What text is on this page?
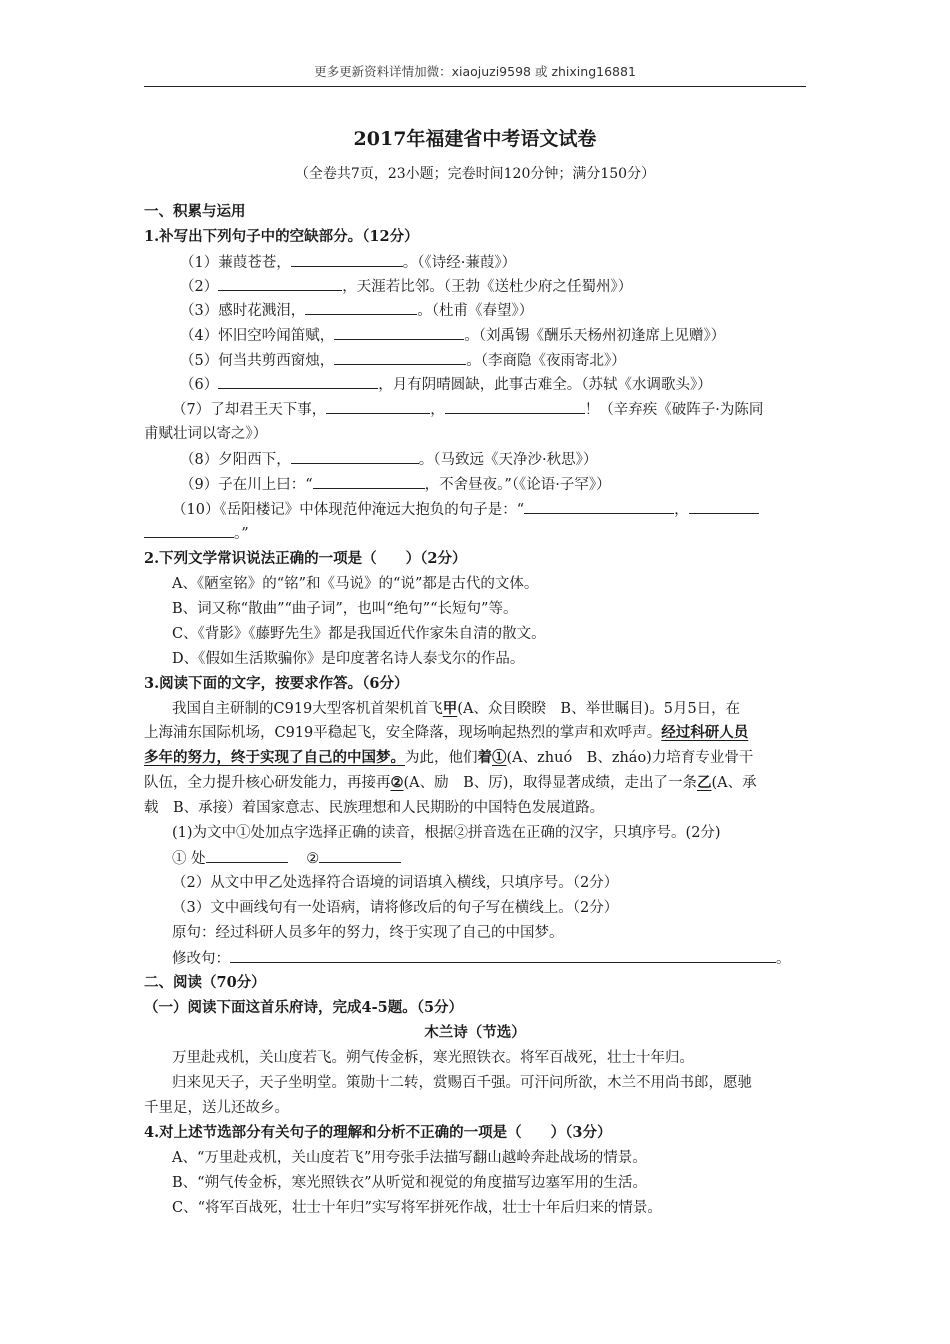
更多更新资料详情加微：xiaojuzi9598 或 zhixing16881
2017年福建省中考语文试卷
（全卷共7页，23小题；完卷时间120分钟；满分150分）
一、积累与运用
1.补写出下列句子中的空缺部分。（12分）
（1）蒹葭苍苍，	。（《诗经·蒹葭》）
（2）	，天涯若比邻。（王勃《送杜少府之任蜀州》）
（3）感时花溅泪，	。（杜甫《春望》）
（4）怀旧空吟闻笛赋，	。（刘禹锡《酬乐天杨州初逢席上见赠》）
（5）何当共剪西窗烛，	。（李商隐《夜雨寄北》）
（6）	，月有阴晴圆缺，此事古难全。（苏轼《水调歌头》）
（7）了却君王天下事，	，	！（辛弃疾《破阵子·为陈同
甫赋壮词以寄之》）
（8）夕阳西下，	。（马致远《天净沙·秋思》）
（9）子在川上曰：“	，不舍昼夜。”（《论语·子罕》）
（10）《岳阳楼记》中体现范仲淹远大抱负的句子是：“	，
。”
2.下列文学常识说法正确的一项是（　　）（2分）
A、《陋室铭》的“铭”和《马说》的“说”都是古代的文体。
B、词又称“散曲”“曲子词”，也叫“绝句”“长短句”等。
C、《背影》《藤野先生》都是我国近代作家朱自清的散文。
D、《假如生活欺骗你》是印度著名诗人泰戈尔的作品。
3.阅读下面的文字，按要求作答。（6分）
我国自主研制的C919大型客机首架机首飞甲(A、众目睽睽　B、举世瞩目)。5月5日，在
上海浦东国际机场，C919平稳起飞，安全降落，现场响起热烈的掌声和欢呼声。经过科研人员
多年的努力，终于实现了自己的中国梦。为此，他们着①(A、zhuó　B、zháo)力培育专业骨干
队伍，全力提升核心研发能力，再接再②(A、励　B、厉)，取得显著成绩，走出了一条乙(A、承
载　B、承接）着国家意志、民族理想和人民期盼的中国特色发展道路。
(1)为文中①处加点字选择正确的读音，根据②拼音选在正确的汉字，只填序号。(2分)
① 处	②
（2）从文中甲乙处选择符合语境的词语填入横线，只填序号。（2分）
（3）文中画线句有一处语病，请将修改后的句子写在横线上。（2分）
原句：经过科研人员多年的努力，终于实现了自己的中国梦。
修改句：	。
二、阅读（70分）
（一）阅读下面这首乐府诗，完成4-5题。（5分）
木兰诗（节选）
万里赴戎机，关山度若飞。朔气传金柝，寒光照铁衣。将军百战死，壮士十年归。
归来见天子，天子坐明堂。策勋十二转，赏赐百千强。可汗问所欲，木兰不用尚书郎，愿驰
千里足，送儿还故乡。
4.对上述节选部分有关句子的理解和分析不正确的一项是（　　）（3分）
A、“万里赴戎机，关山度若飞”用夸张手法描写翻山越岭奔赴战场的情景。
B、“朔气传金柝，寒光照铁衣”从听觉和视觉的角度描写边塞军用的生活。
C、“将军百战死，壮士十年归”实写将军拼死作战，壮士十年后归来的情景。
